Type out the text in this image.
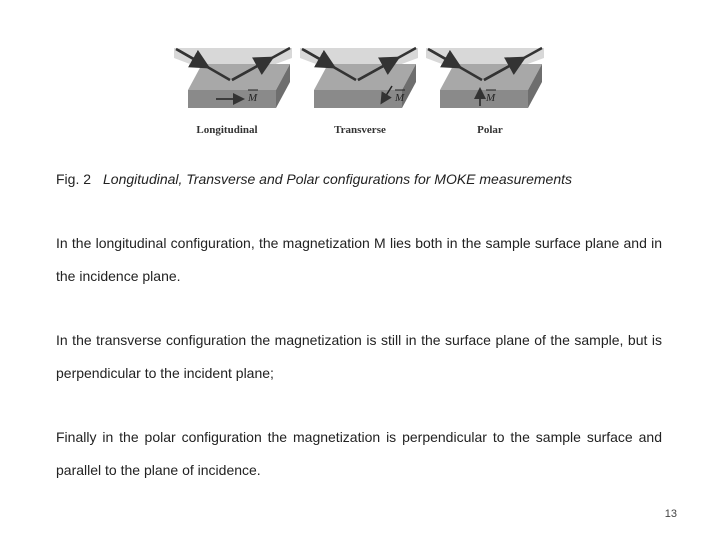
M	M	M
Longitudinal	Transverse	Polar
Fig. 2 Longitudinal, Transverse and Polar configurations for MOKE measurements

In the longitudinal configuration, the magnetization M lies both in the sample surface plane and in the incidence plane.

In the transverse configuration the magnetization is still in the surface plane of the sample, but is perpendicular to the incident plane;

Finally in the polar configuration the magnetization is perpendicular to the sample surface and parallel to the plane of incidence.

13
